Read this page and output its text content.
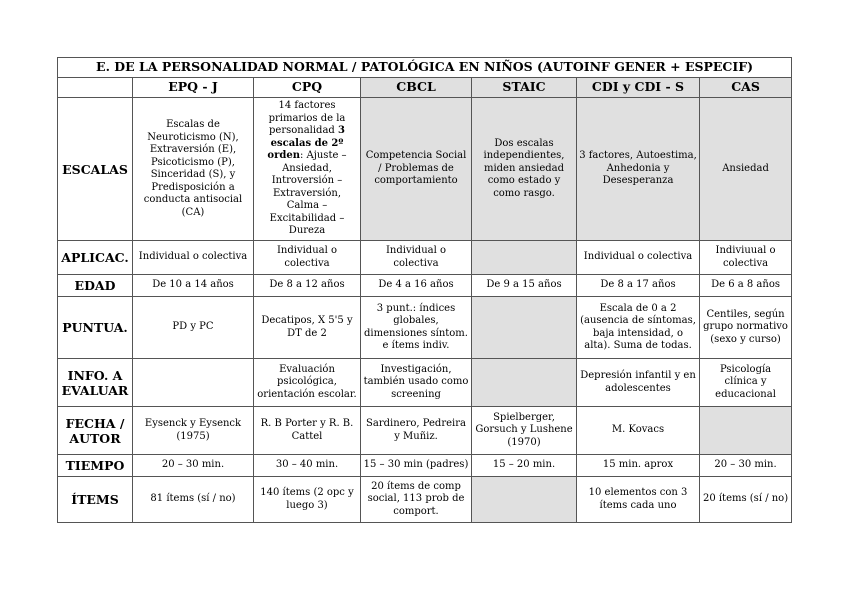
E. DE LA PERSONALIDAD NORMAL / PATOLÓGICA EN NIÑOS (AUTOINF GENER + ESPECIF)						
	EPQ - J	CPQ	CBCL	STAIC	CDI y CDI - S	CAS
ESCALAS	Escalas de Neuroticismo (N), Extraversión (E), Psicoticismo (P), Sinceridad (S), y Predisposición a conducta antisocial (CA)	14 factores primarios de la personalidad 3 escalas de 2º orden: Ajuste – Ansiedad, Introversión – Extraversión, Calma – Excitabilidad – Dureza	Competencia Social / Problemas de comportamiento	Dos escalas independientes, miden ansiedad como estado y como rasgo.	3 factores, Autoestima, Anhedonia y Desesperanza	Ansiedad
APLICAC.	Individual o colectiva	Individual o colectiva	Individual o colectiva		Individual o colectiva	Indiviuual o colectiva
EDAD	De 10 a 14 años	De 8 a 12 años	De 4 a 16 años	De 9 a 15 años	De 8 a 17 años	De 6 a 8 años
PUNTUA.	PD y PC	Decatipos, X 5'5 y DT de 2	3 punt.: índices globales, dimensiones síntom. e ítems indiv.		Escala de 0 a 2 (ausencia de síntomas, baja intensidad, o alta). Suma de todas.	Centiles, según grupo normativo (sexo y curso)
INFO. A EVALUAR		Evaluación psicológica, orientación escolar.	Investigación, también usado como screening		Depresión infantil y en adolescentes	Psicología clínica y educacional
FECHA / AUTOR	Eysenck y Eysenck (1975)	R. B Porter y R. B. Cattel	Sardinero, Pedreira y Muñiz.	Spielberger, Gorsuch y Lushene (1970)	M. Kovacs	
TIEMPO	20 – 30 min.	30 – 40 min.	15 – 30 min (padres)	15 – 20 min.	15 min. aprox	20 – 30 min.
ÍTEMS	81 ítems (sí / no)	140 ítems (2 opc y luego 3)	20 ítems de comp social, 113 prob de comport.		10 elementos con 3 ítems cada uno	20 ítems (sí / no)
